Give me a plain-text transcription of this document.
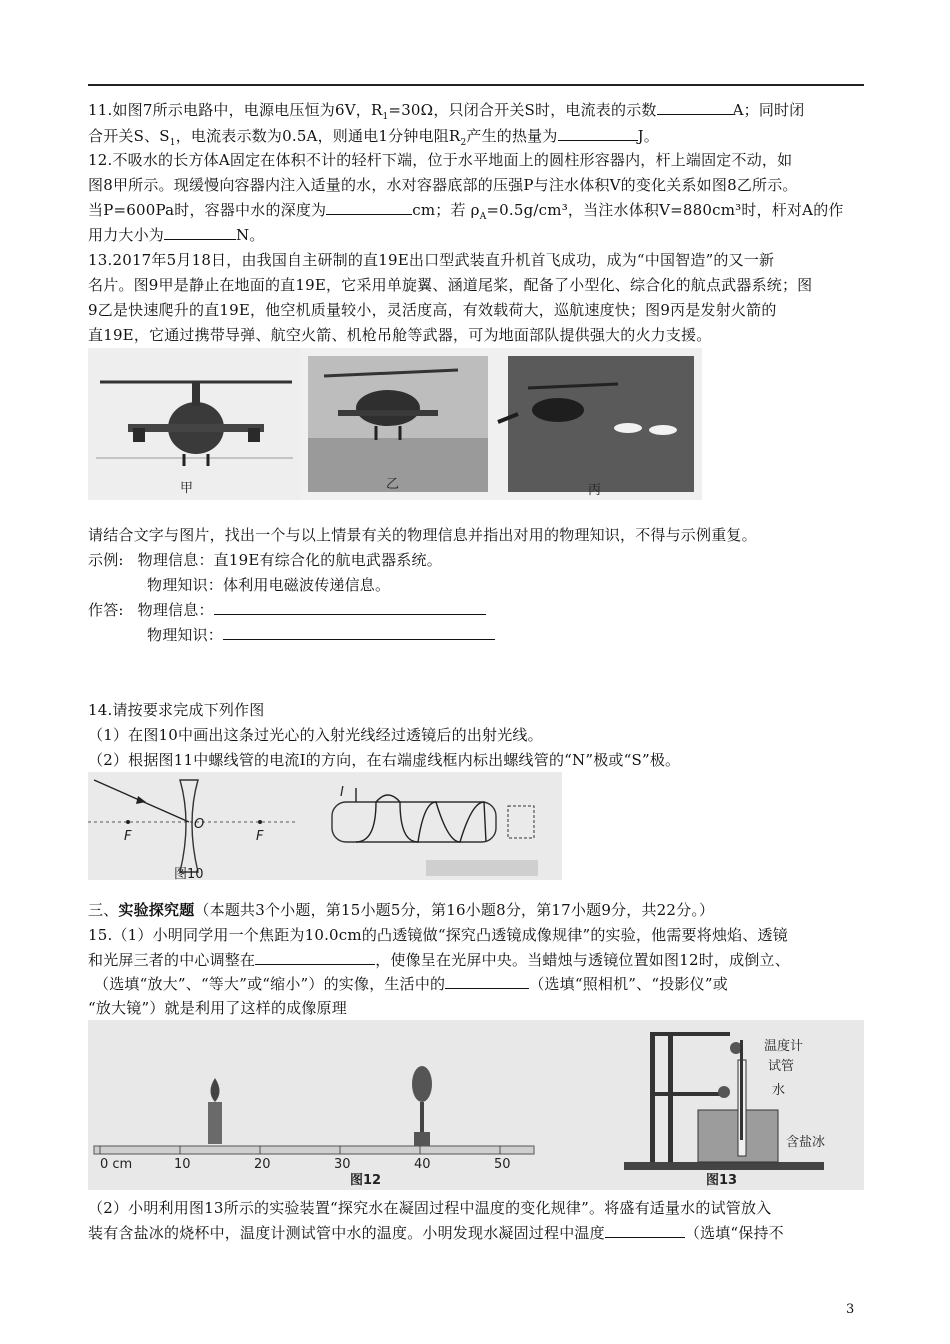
11.如图7所示电路中，电源电压恒为6V，$R_1=30\Omega$，只闭合开关S时，电流表的示数	A；同时闭
合开关S、$S_1$，电流表示数为0.5A，则通电1分钟电阻$R_2$产生的热量为	J。
12.不吸水的长方体A固定在体积不计的轻杆下端，位于水平地面上的圆柱形容器内，杆上端固定不动，如
图8甲所示。现缓慢向容器内注入适量的水，水对容器底部的压强P与注水体积V的变化关系如图8乙所示。
当P=600Pa时，容器中水的深度为	cm；若 $\rho_A=0.5g$/cm³，当注水体积V=880cm³时，杆对A的作
用力大小为	N。
13.2017年5月18日，由我国自主研制的直19E出口型武装直升机首飞成功，成为“中国智造”的又一新
名片。图9甲是静止在地面的直19E，它采用单旋翼、涵道尾桨，配备了小型化、综合化的航点武器系统；图
9乙是快速爬升的直19E，他空机质量较小，灵活度高，有效载荷大，巡航速度快；图9丙是发射火箭的
直19E，它通过携带导弹、航空火箭、机枪吊舱等武器，可为地面部队提供强大的火力支援。
甲	乙	丙
请结合文字与图片，找出一个与以上情景有关的物理信息并指出对用的物理知识，不得与示例重复。
示例: 物理信息：直19E有综合化的航电武器系统。
物理知识：体利用电磁波传递信息。
作答: 物理信息：
物理知识：
14.请按要求完成下列作图
（1）在图10中画出这条过光心的入射光线经过透镜后的出射光线。
（2）根据图11中螺线管的电流I的方向，在右端虚线框内标出螺线管的“N”极或“S”极。
F
O
F
图10
I
三、实验探究题（本题共3个小题，第15小题5分，第16小题8分，第17小题9分，共22分。）
15.（1）小明同学用一个焦距为10.0cm的凸透镜做“探究凸透镜成像规律”的实验，他需要将烛焰、透镜
和光屏三者的中心调整在	，使像呈在光屏中央。当蜡烛与透镜位置如图12时，成倒立、
（选填“放大”、“等大”或“缩小”）的实像，生活中的	（选填“照相机”、“投影仪”或
“放大镜”）就是利用了这样的成像原理
0 cm	10	20	30	40	50
图12
温度计
试管
水
含盐冰
图13
（2）小明利用图13所示的实验装置“探究水在凝固过程中温度的变化规律”。将盛有适量水的试管放入
装有含盐冰的烧杯中，温度计测试管中水的温度。小明发现水凝固过程中温度	（选填“保持不
3
